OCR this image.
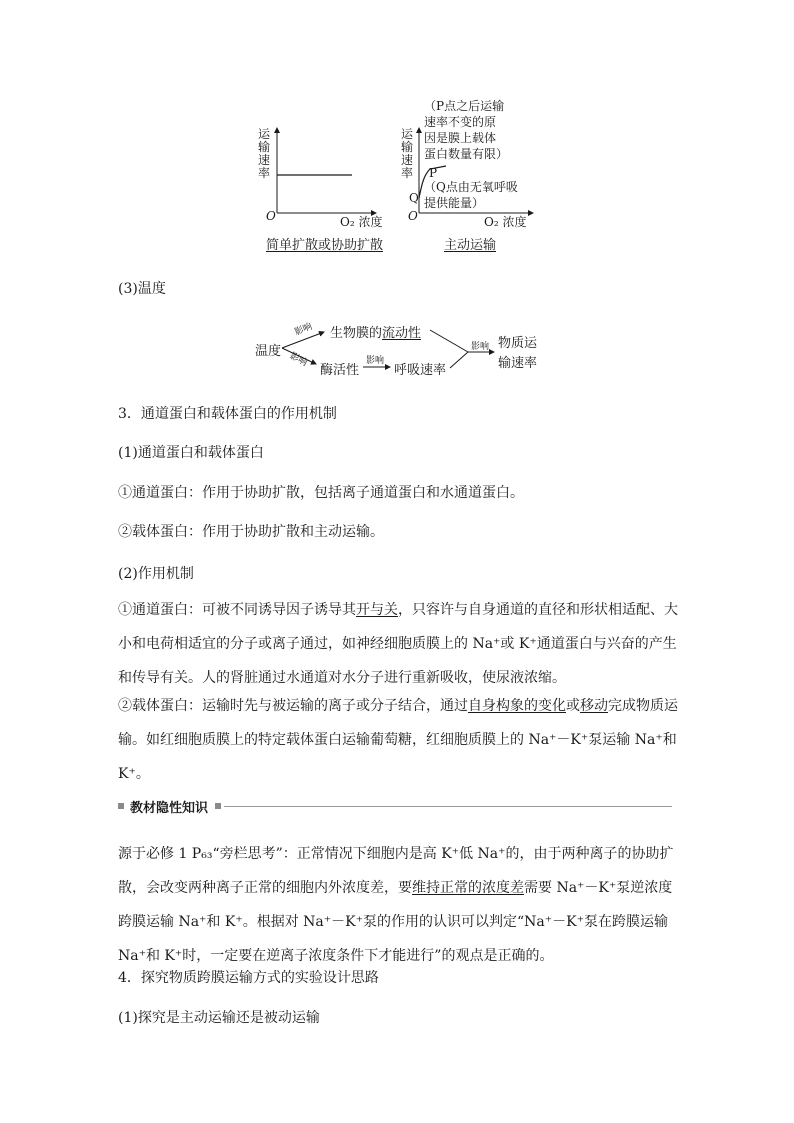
运输速率
O	O₂ 浓度
简单扩散或协助扩散
运输速率
O	O₂ 浓度
主动运输
P
Q
（P点之后运输
速率不变的原
因是膜上载体
蛋白数量有限）
（Q点由无氧呼吸
提供能量）
(3)温度
温度
影响
影响
生物膜的流动性
酶活性
影响
呼吸速率
影响 物质运
输速率
3．通道蛋白和载体蛋白的作用机制
(1)通道蛋白和载体蛋白
①通道蛋白：作用于协助扩散，包括离子通道蛋白和水通道蛋白。
②载体蛋白：作用于协助扩散和主动运输。
(2)作用机制

①通道蛋白：可被不同诱导因子诱导其开与关，只容许与自身通道的直径和形状相适配、大小和电荷相适宜的分子或离子通过，如神经细胞质膜上的 Na⁺或 K⁺通道蛋白与兴奋的产生和传导有关。人的肾脏通过水通道对水分子进行重新吸收，使尿液浓缩。

②载体蛋白：运输时先与被运输的离子或分子结合，通过自身构象的变化或移动完成物质运输。如红细胞质膜上的特定载体蛋白运输葡萄糖，红细胞质膜上的 Na⁺－K⁺泵运输 Na⁺和 K⁺。

教材隐性知识

源于必修 1 P₆₃“旁栏思考”：正常情况下细胞内是高 K⁺低 Na⁺的，由于两种离子的协助扩散，会改变两种离子正常的细胞内外浓度差，要维持正常的浓度差需要 Na⁺－K⁺泵逆浓度跨膜运输 Na⁺和 K⁺。根据对 Na⁺－K⁺泵的作用的认识可以判定“Na⁺－K⁺泵在跨膜运输 Na⁺和 K⁺时，一定要在逆离子浓度条件下才能进行”的观点是正确的。

4．探究物质跨膜运输方式的实验设计思路
(1)探究是主动运输还是被动运输
